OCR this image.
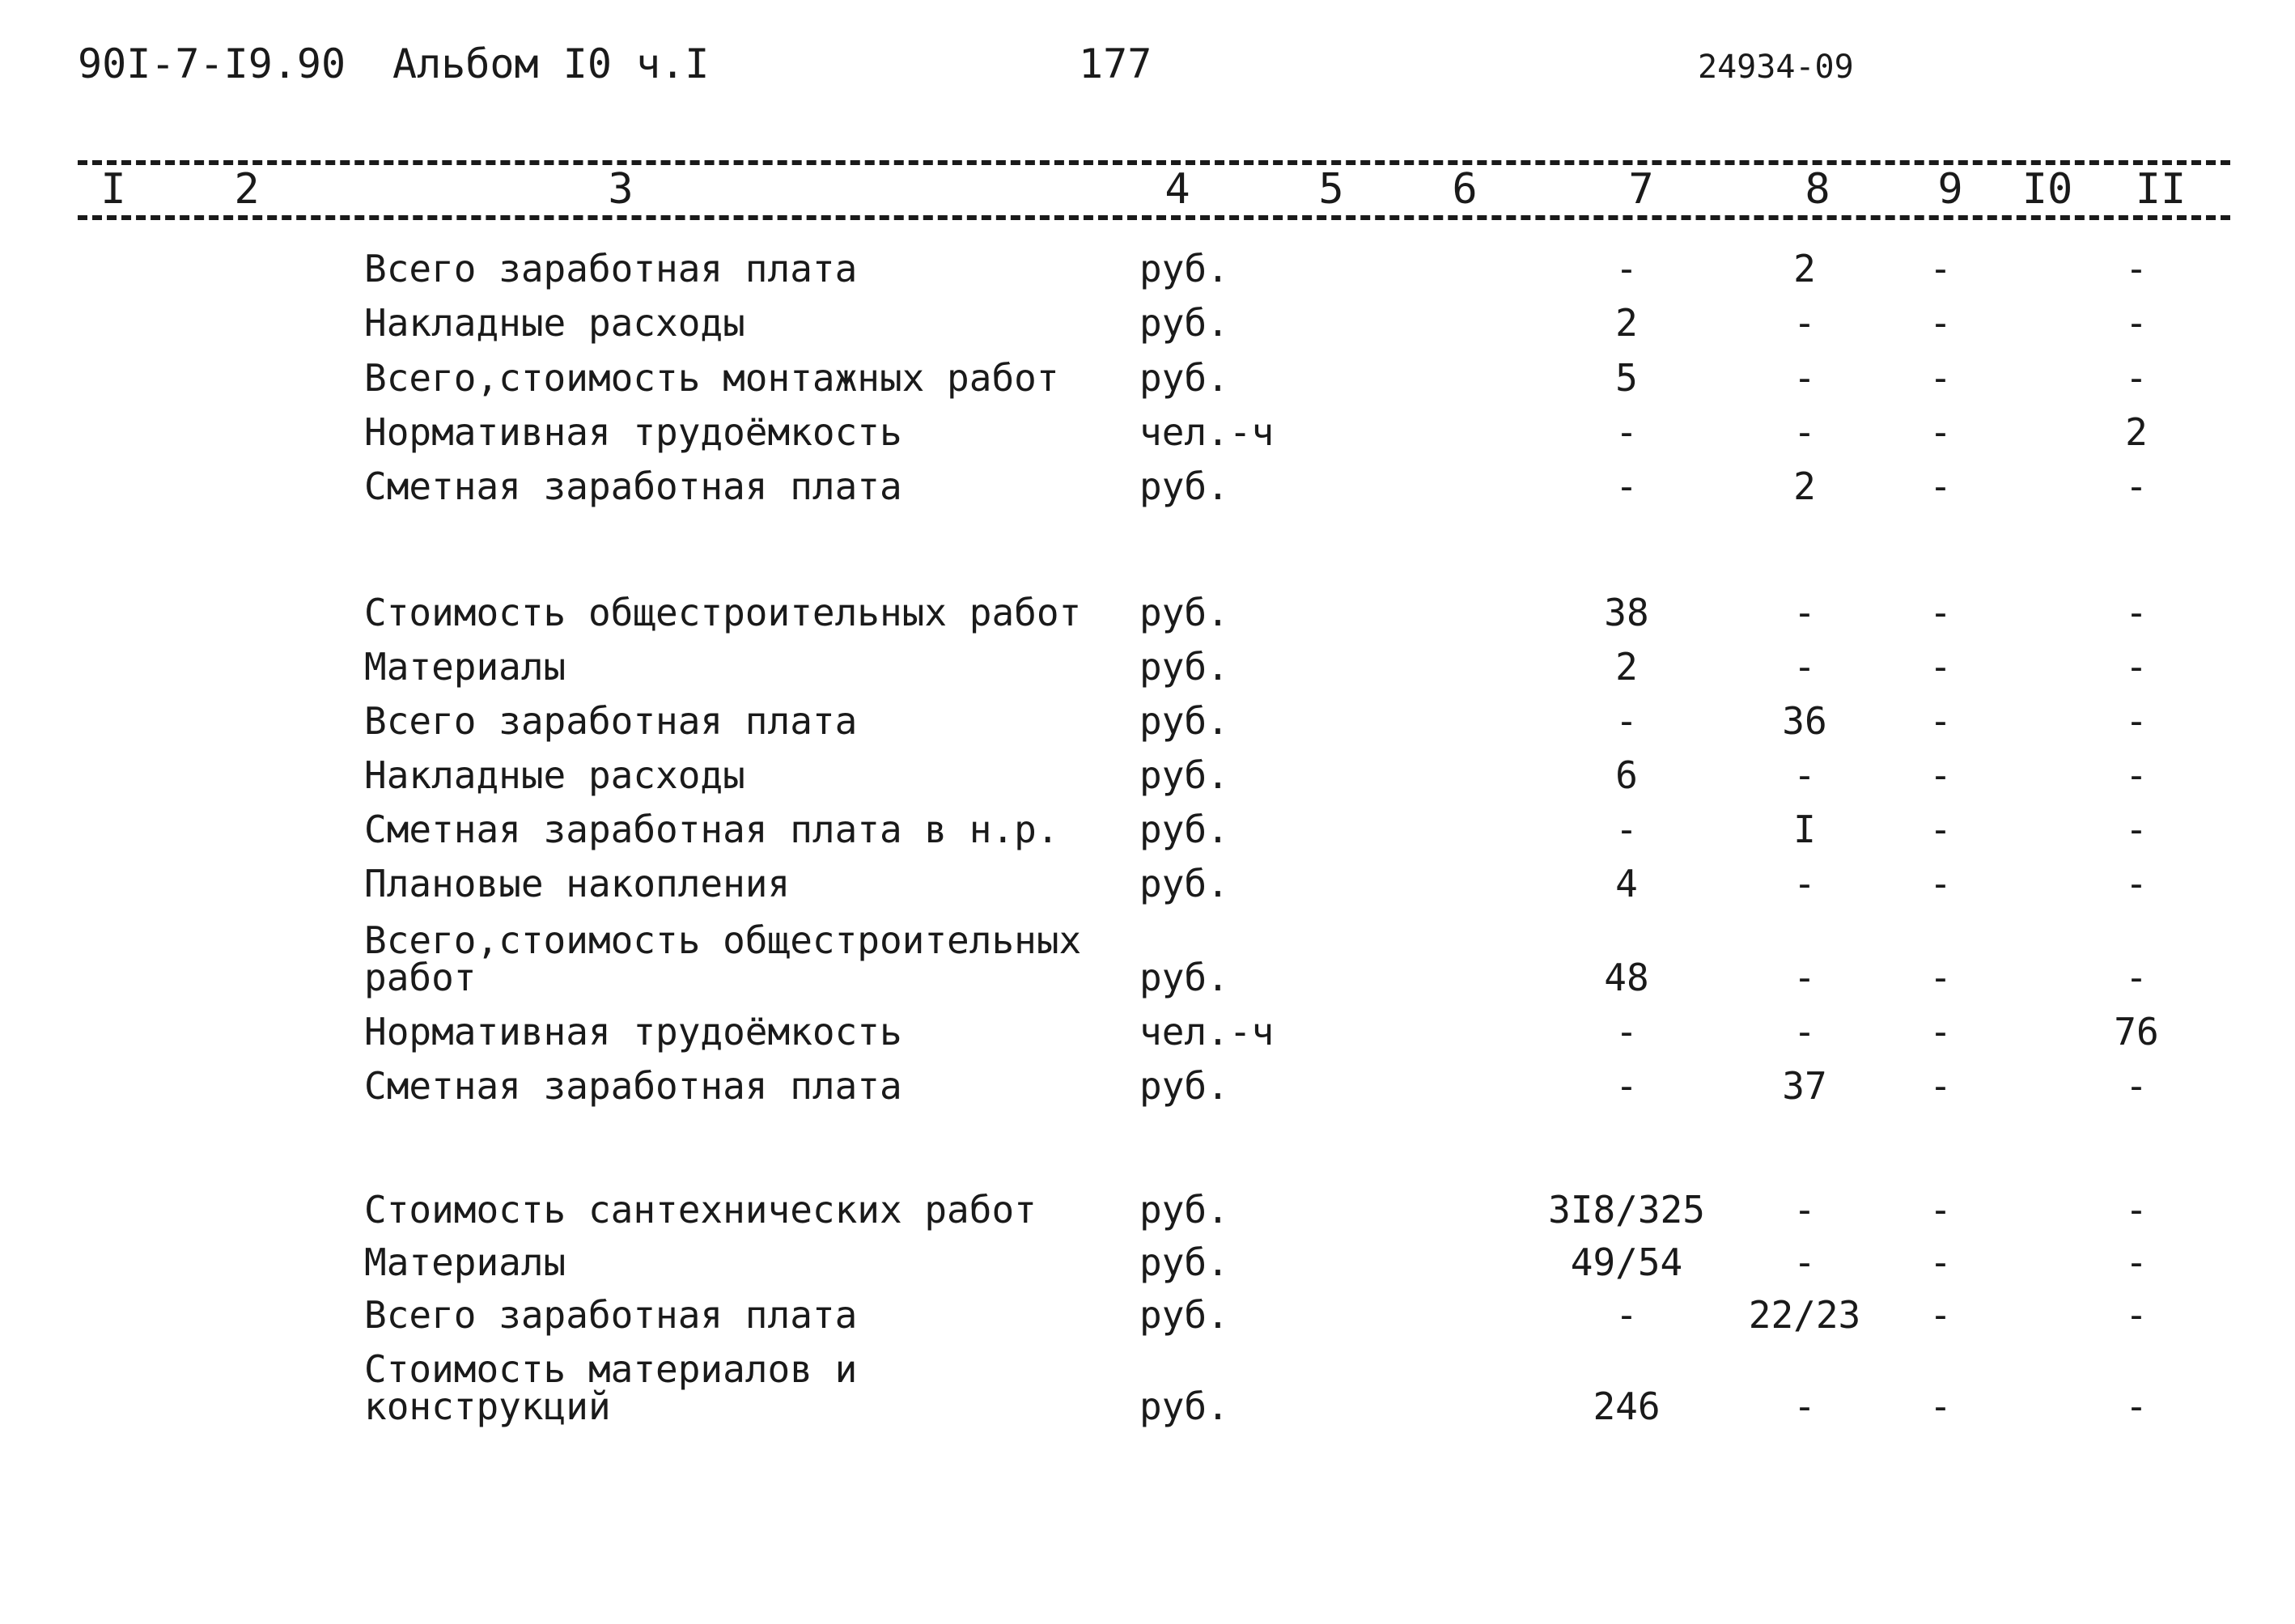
90I-7-I9.90 Альбом I0 ч.I	177	24934-09
I	2	3	4	5	6	7	8	9	I0 II
Всего заработная плата	руб.	-	2	-	-
Накладные расходы	руб.	2	-	-	-
Всего,стоимость монтажных работ руб.	5	-	-	-
Нормативная трудоёмкость	чел.-ч	-	-	-	2
Сметная заработная плата	руб.	-	2	-	-
Стоимость общестроительных работ руб.	38	-	-	-
Материалы	руб.	2	-	-	-
Всего заработная плата	руб.	-	36	-	-
Накладные расходы	руб.	6	-	-	-
Сметная заработная плата в н.р. руб.	-	I	-	-
Плановые накопления	руб.	4	-	-	-
Всего,стоимость общестроительных
работ	руб.	48	-	-	-
Нормативная трудоёмкость	чел.-ч	-	-	-	76
Сметная заработная плата	руб.	-	37	-	-
Стоимость сантехнических работ	руб.	3I8/325	-	-	-
Материалы	руб.	49/54	-	-	-
Всего заработная плата	руб.	-	22/23	-	-
Стоимость материалов и
конструкций	руб.	246	-	-	-
